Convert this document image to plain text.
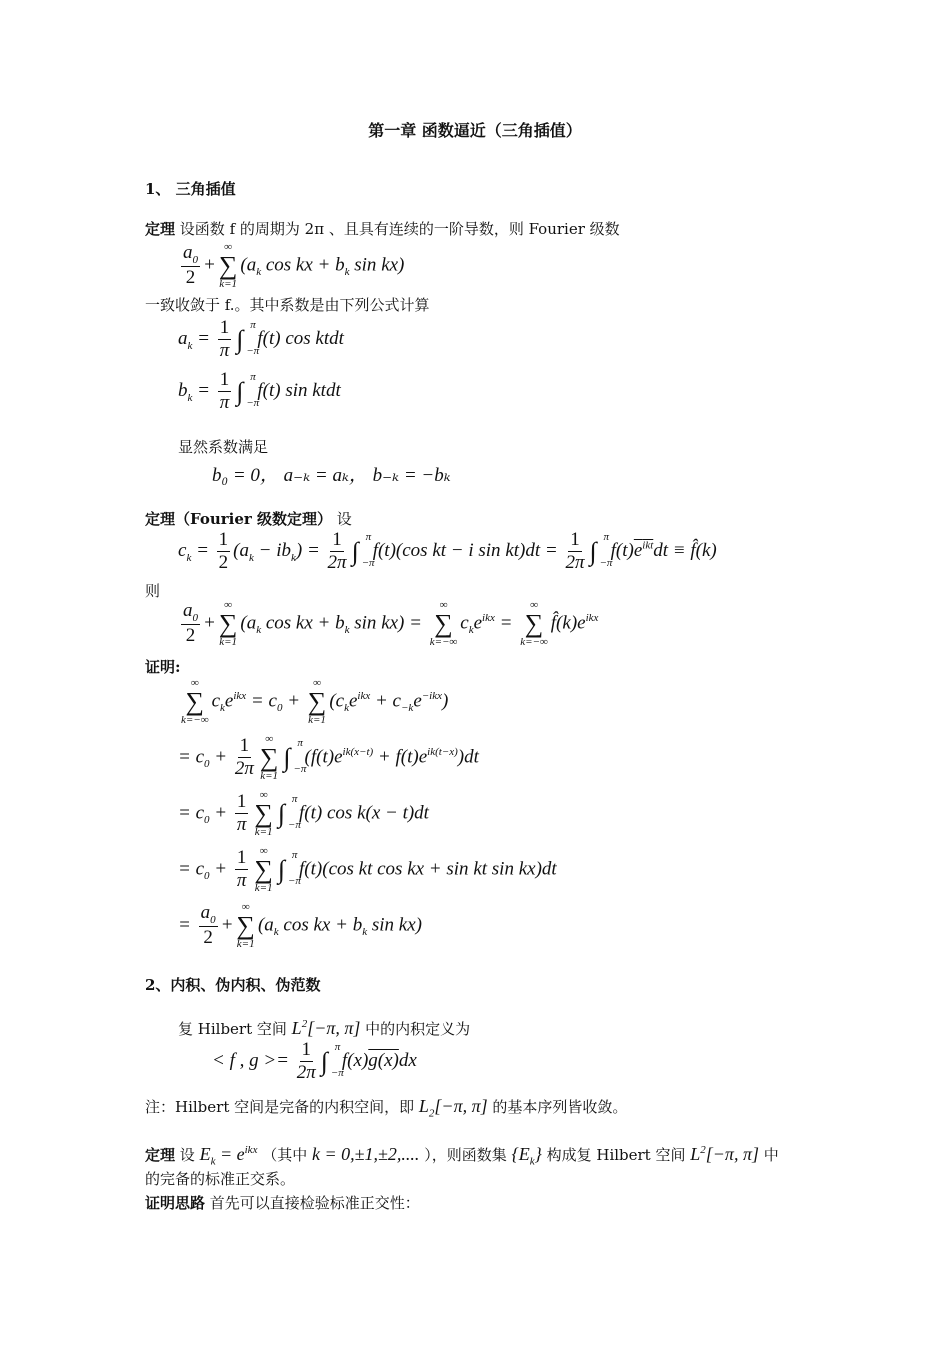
第一章 函数逼近（三角插值）
1、 三角插值
定理 设函数 f 的周期为 2π 、且具有连续的一阶导数，则 Fourier 级数
$\frac{a_0}{2}$ +
∞
∑
k=1
($a_k$ cos kx + $b_k$ sin kx)
一致收敛于 f.。其中系数是由下列公式计算
$a_k = \frac{1}{\pi}$ ∫ π
−π
f(t) cos ktdt
$b_k = \frac{1}{\pi}$ ∫ π
−π
f(t) sin ktdt
显然系数满足
b₀ = 0， a₋ₖ = aₖ， b₋ₖ = −bₖ
定理（Fourier 级数定理） 设
$c_k = \frac{1}{2} (a_k - ib_k) = \frac{1}{2\pi}$ ∫ π
−π
f(t)(cos kt − i $\sin kt)dt = \frac{1}{2\pi}$ ∫ π
−π
$f(t)e^{ikt}dt$ ≡ f̂(k)
则
$\frac{a_0}{2}$ +
∞
∑
k=1
($a_k$ cos kx + $b_k$ sin kx) =
∞
∑
k=−∞
$c_ke^{ikx}$ =
∞
∑
k=−∞
$f̂(k)e^{ikx}$
证明:
∞
∑
k=−∞
$c_ke^{ikx} = c_0$ +
∞
∑
k=1
$(c_ke^{ikx} + c_{-k}e^{-ikx})$
= $c_0 + \frac{1}{2\pi}$ ∞
∑
k=1
∫ π
−π
$(f(t)e^{ik(x-t)} + f(t)e^{ik(t-x)})dt$
= $c_0 + \frac{1}{\pi}$ ∞
∑
k=1
∫ π
−π
f(t) cos k(x − t)dt
= $c_0 + \frac{1}{\pi}$ ∞
∑
k=1
∫ π
−π
f(t)(cos kt cos kx + sin kt sin kx)dt
= $\frac{a_0}{2}$ +
∞
∑
k=1
($a_k$ cos kx + $b_k$ sin kx)
2、内积、伪内积、伪范数
复 Hilbert 空间 $L^2[-\pi$, π] 中的内积定义为
< f , $g >= \frac{1}{2\pi}$ ∫ π
−π
f(x)g(x)dx
注：Hilbert 空间是完备的内积空间，即 $L_2[-\pi$, π] 的基本序列皆收敛。
定理 设 $E_k = e^{ikx}$ （其中 k = 0,±1,±2,.... ），则函数集 $\{E_k\}$ 构成复 Hilbert 空间 $L^2[-\pi$, π] 中
的完备的标准正交系。
证明思路 首先可以直接检验标准正交性：
